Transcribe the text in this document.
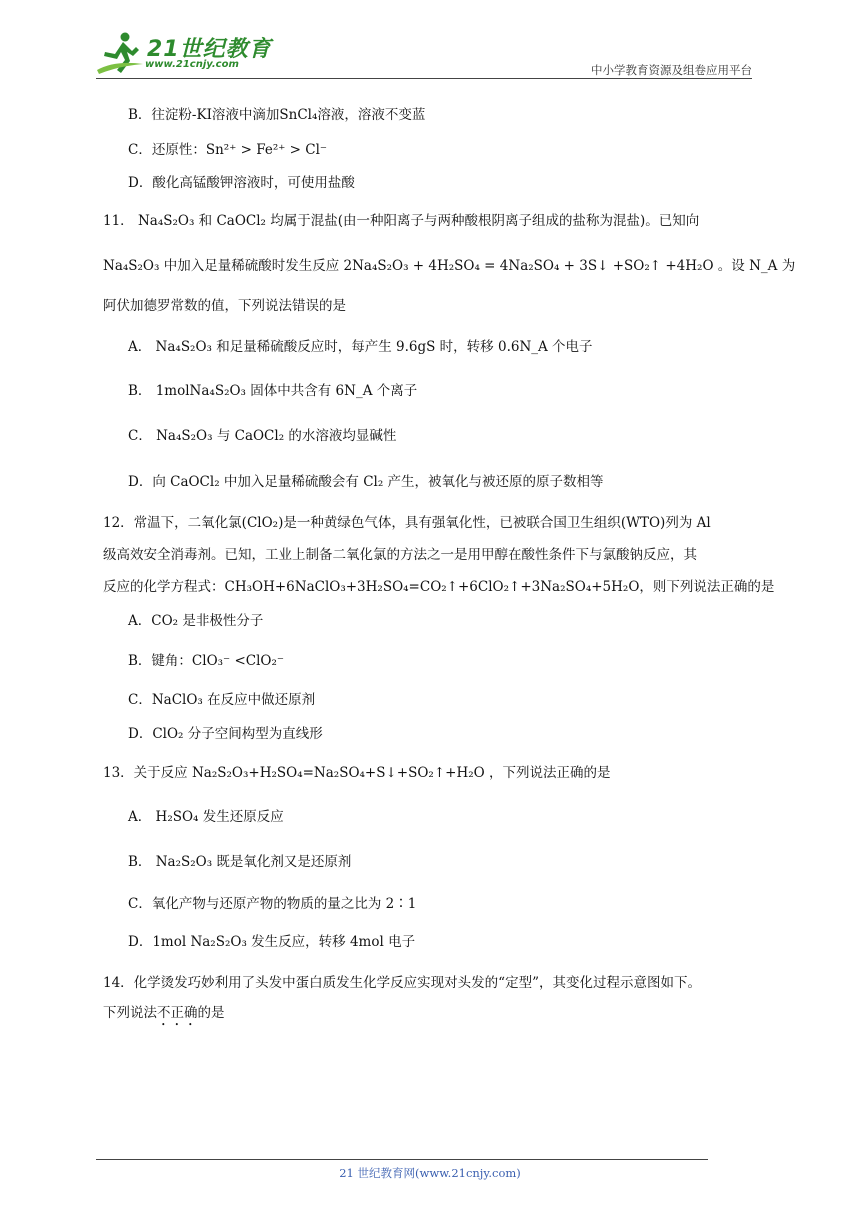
21世纪教育
www.21cnjy.com	中小学教育资源及组卷应用平台
B．往淀粉-KI溶液中滴加SnCl₄溶液，溶液不变蓝
C．还原性：Sn²⁺ > Fe²⁺ > Cl⁻
D．酸化高锰酸钾溶液时，可使用盐酸
11． Na₄S₂O₃ 和 CaOCl₂ 均属于混盐(由一种阳离子与两种酸根阴离子组成的盐称为混盐)。已知向
Na₄S₂O₃ 中加入足量稀硫酸时发生反应 2Na₄S₂O₃ + 4H₂SO₄ = 4Na₂SO₄ + 3S↓ +SO₂↑ +4H₂O 。设 N_A 为
阿伏加德罗常数的值，下列说法错误的是
A． Na₄S₂O₃ 和足量稀硫酸反应时，每产生 9.6gS 时，转移 0.6N_A 个电子
B． 1molNa₄S₂O₃ 固体中共含有 6N_A 个离子
C． Na₄S₂O₃ 与 CaOCl₂ 的水溶液均显碱性
D．向 CaOCl₂ 中加入足量稀硫酸会有 Cl₂ 产生，被氧化与被还原的原子数相等
12．常温下，二氧化氯(ClO₂)是一种黄绿色气体，具有强氧化性，已被联合国卫生组织(WTO)列为 Al
级高效安全消毒剂。已知，工业上制备二氧化氯的方法之一是用甲醇在酸性条件下与氯酸钠反应，其
反应的化学方程式：CH₃OH+6NaClO₃+3H₂SO₄=CO₂↑+6ClO₂↑+3Na₂SO₄+5H₂O，则下列说法正确的是
A．CO₂ 是非极性分子
B．键角：ClO₃⁻ <ClO₂⁻
C．NaClO₃ 在反应中做还原剂
D．ClO₂ 分子空间构型为直线形
13．关于反应 Na₂S₂O₃+H₂SO₄=Na₂SO₄+S↓+SO₂↑+H₂O ，下列说法正确的是
A． H₂SO₄ 发生还原反应
B． Na₂S₂O₃ 既是氧化剂又是还原剂
C．氧化产物与还原产物的物质的量之比为 2∶1
D．1mol Na₂S₂O₃ 发生反应，转移 4mol 电子
14．化学烫发巧妙利用了头发中蛋白质发生化学反应实现对头发的“定型”，其变化过程示意图如下。
下列说法不正确的是
21 世纪教育网(www.21cnjy.com)
